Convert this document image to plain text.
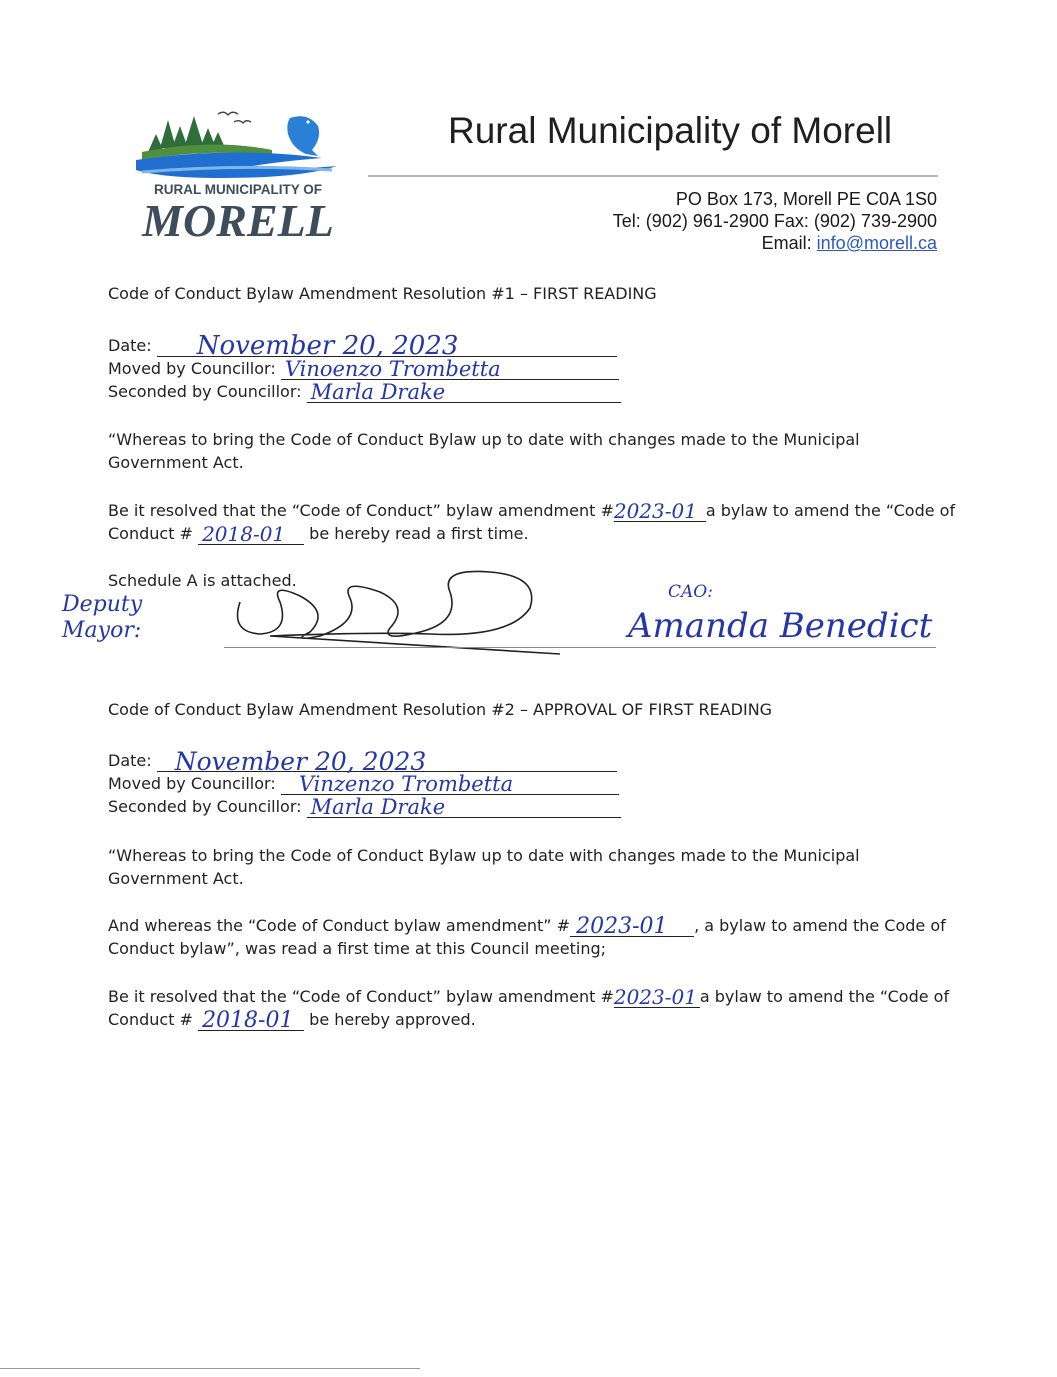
RURAL MUNICIPALITY OF
MORELL
Rural Municipality of Morell
PO Box 173, Morell PE C0A 1S0
Tel: (902) 961-2900 Fax: (902) 739-2900
Email: info@morell.ca
Code of Conduct Bylaw Amendment Resolution #1 – FIRST READING
Date: November 20, 2023
Moved by Councillor: Vinoenzo Trombetta
Seconded by Councillor: Marla Drake
“Whereas to bring the Code of Conduct Bylaw up to date with changes made to the Municipal
Government Act.
Be it resolved that the “Code of Conduct” bylaw amendment # 2023-01 a bylaw to amend the “Code of
Conduct # 2018-01 be hereby read a first time.
Schedule A is attached.
Deputy Mayor:
CAO:
Amanda Benedict
Code of Conduct Bylaw Amendment Resolution #2 – APPROVAL OF FIRST READING
Date: November 20, 2023
Moved by Councillor: Vinzenzo Trombetta
Seconded by Councillor: Marla Drake
“Whereas to bring the Code of Conduct Bylaw up to date with changes made to the Municipal
Government Act.
And whereas the “Code of Conduct bylaw amendment” # 2023-01 , a bylaw to amend the Code of
Conduct bylaw”, was read a first time at this Council meeting;
Be it resolved that the “Code of Conduct” bylaw amendment # 2023-01 a bylaw to amend the “Code of
Conduct # 2018-01 be hereby approved.
